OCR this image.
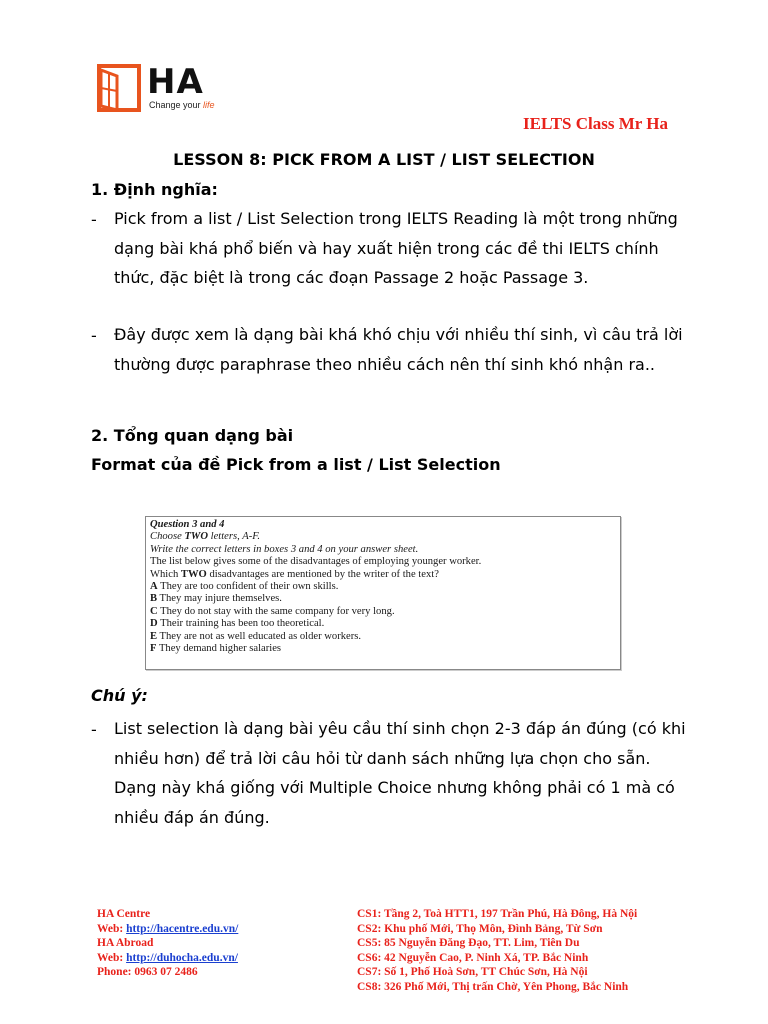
HA
Change your life
IELTS Class Mr Ha
LESSON 8: PICK FROM A LIST / LIST SELECTION
1. Định nghĩa:
- Pick from a list / List Selection trong IELTS Reading là một trong những dạng bài khá phổ biến và hay xuất hiện trong các đề thi IELTS chính thức, đặc biệt là trong các đoạn Passage 2 hoặc Passage 3.
- Đây được xem là dạng bài khá khó chịu với nhiều thí sinh, vì câu trả lời thường được paraphrase theo nhiều cách nên thí sinh khó nhận ra..
2. Tổng quan dạng bài
Format của đề Pick from a list / List Selection
Question 3 and 4
Choose TWO letters, A-F.
Write the correct letters in boxes 3 and 4 on your answer sheet.
The list below gives some of the disadvantages of employing younger worker.
Which TWO disadvantages are mentioned by the writer of the text?
A They are too confident of their own skills.
B They may injure themselves.
C They do not stay with the same company for very long.
D Their training has been too theoretical.
E They are not as well educated as older workers.
F They demand higher salaries
Chú ý:
- List selection là dạng bài yêu cầu thí sinh chọn 2-3 đáp án đúng (có khi nhiều hơn) để trả lời câu hỏi từ danh sách những lựa chọn cho sẵn. Dạng này khá giống với Multiple Choice nhưng không phải có 1 mà có nhiều đáp án đúng.
HA Centre
Web: http://hacentre.edu.vn/
HA Abroad
Web: http://duhocha.edu.vn/
Phone: 0963 07 2486
CS1: Tầng 2, Toà HTT1, 197 Trần Phú, Hà Đông, Hà Nội
CS2: Khu phố Mới, Thọ Môn, Đình Bảng, Từ Sơn
CS5: 85 Nguyễn Đăng Đạo, TT. Lim, Tiên Du
CS6: 42 Nguyễn Cao, P. Ninh Xá, TP. Bắc Ninh
CS7: Số 1, Phố Hoà Sơn, TT Chúc Sơn, Hà Nội
CS8: 326 Phố Mới, Thị trấn Chờ, Yên Phong, Bắc Ninh
